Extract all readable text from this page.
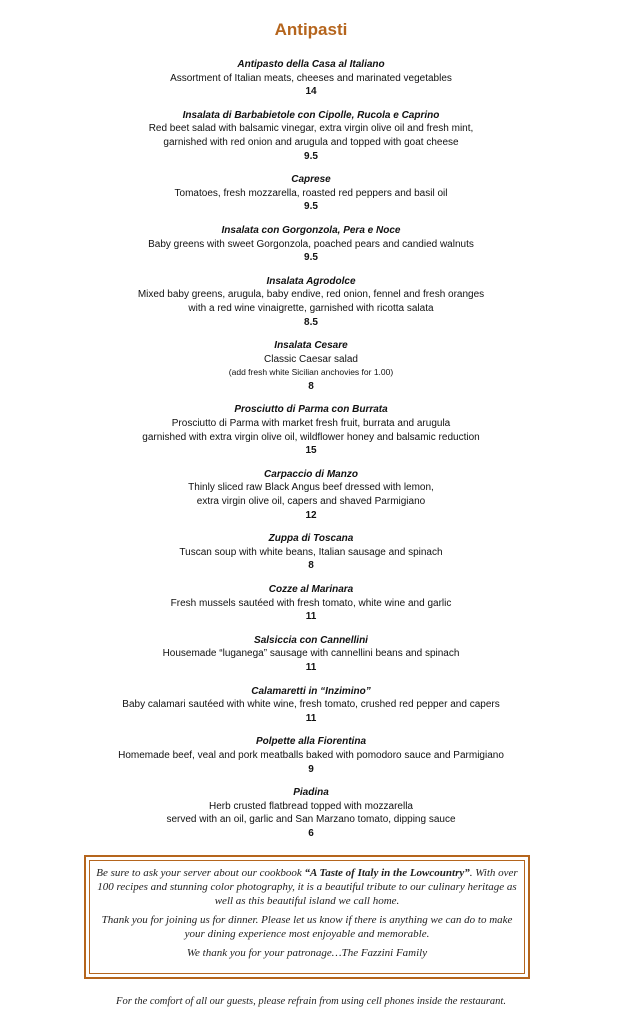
Antipasti
Antipasto della Casa al Italiano
Assortment of Italian meats, cheeses and marinated vegetables
14
Insalata di Barbabietole con Cipolle, Rucola e Caprino
Red beet salad with balsamic vinegar, extra virgin olive oil and fresh mint,
garnished with red onion and arugula and topped with goat cheese
9.5
Caprese
Tomatoes, fresh mozzarella, roasted red peppers and basil oil
9.5
Insalata con Gorgonzola, Pera e Noce
Baby greens with sweet Gorgonzola, poached pears and candied walnuts
9.5
Insalata Agrodolce
Mixed baby greens, arugula, baby endive, red onion, fennel and fresh oranges
with a red wine vinaigrette, garnished with ricotta salata
8.5
Insalata Cesare
Classic Caesar salad
(add fresh white Sicilian anchovies for 1.00)
8
Prosciutto di Parma con Burrata
Prosciutto di Parma with market fresh fruit, burrata and arugula
garnished with extra virgin olive oil, wildflower honey and balsamic reduction
15
Carpaccio di Manzo
Thinly sliced raw Black Angus beef dressed with lemon,
extra virgin olive oil, capers and shaved Parmigiano
12
Zuppa di Toscana
Tuscan soup with white beans, Italian sausage and spinach
8
Cozze al Marinara
Fresh mussels sautéed with fresh tomato, white wine and garlic
11
Salsiccia con Cannellini
Housemade “luganega” sausage with cannellini beans and spinach
11
Calamaretti in “Inzimino”
Baby calamari sautéed with white wine, fresh tomato, crushed red pepper and capers
11
Polpette alla Fiorentina
Homemade beef, veal and pork meatballs baked with pomodoro sauce and Parmigiano
9
Piadina
Herb crusted flatbread topped with mozzarella
served with an oil, garlic and San Marzano tomato, dipping sauce
6

Be sure to ask your server about our cookbook “A Taste of Italy in the Lowcountry”. With over 100 recipes and stunning color photography, it is a beautiful tribute to our culinary heritage as well as this beautiful island we call home.

Thank you for joining us for dinner. Please let us know if there is anything we can do to make your dining experience most enjoyable and memorable.

We thank you for your patronage…The Fazzini Family

For the comfort of all our guests, please refrain from using cell phones inside the restaurant.
